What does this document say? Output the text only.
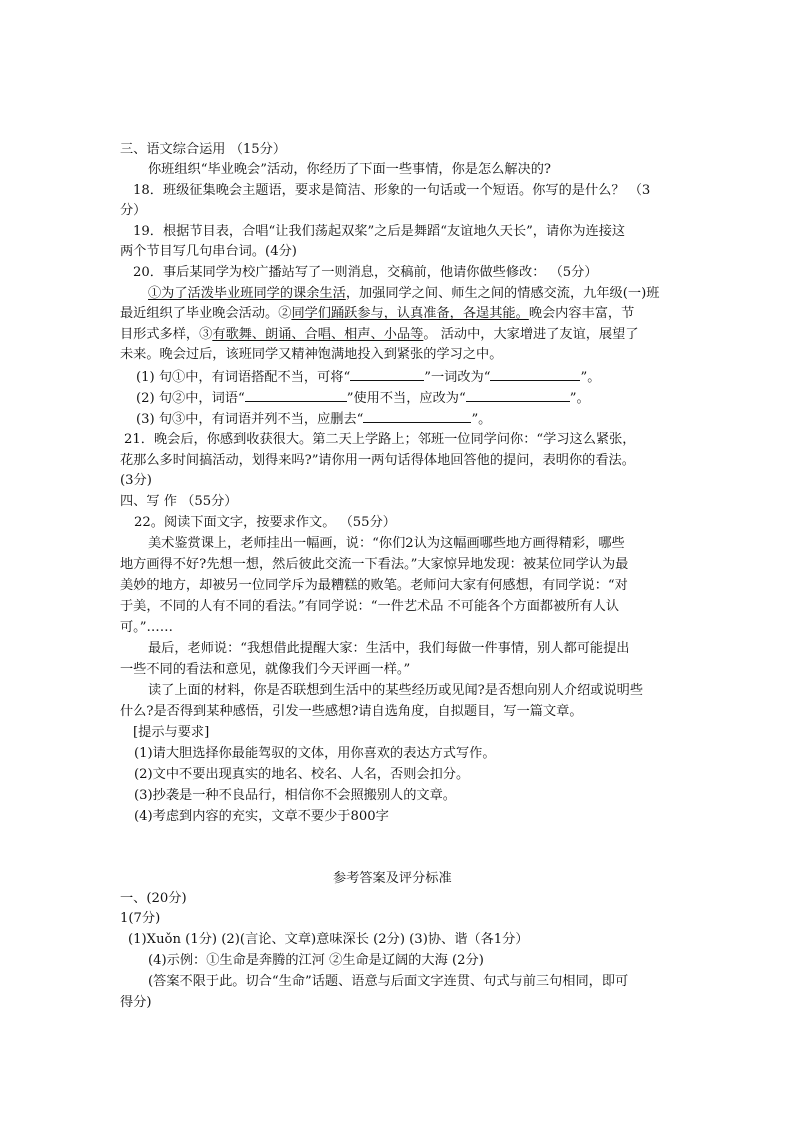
三、语文综合运用 （15分）
你班组织“毕业晚会”活动，你经历了下面一些事情，你是怎么解决的?
18．班级征集晚会主题语，要求是简洁、形象的一句话或一个短语。你写的是什么？ （3
分）
19．根据节目表，合唱“让我们荡起双桨”之后是舞蹈“友谊地久天长”，请你为连接这
两个节目写几句串台词。(4分)
20．事后某同学为校广播站写了一则消息，交稿前，他请你做些修改： （5分）
①为了活泼毕业班同学的课余生活，加强同学之间、师生之间的情感交流，九年级(一)班
最近组织了毕业晚会活动。②同学们踊跃参与，认真准备，各逞其能。晚会内容丰富，节
目形式多样，③有歌舞、朗诵、合唱、相声、小品等。 活动中，大家增进了友谊，展望了
未来。晚会过后，该班同学又精神饱满地投入到紧张的学习之中。
(1) 句①中，有词语搭配不当，可将“	”一词改为“	”。
(2) 句②中，词语“	”使用不当，应改为“	”。
(3) 句③中，有词语并列不当，应删去“	”。
21．晚会后，你感到收获很大。第二天上学路上；邻班一位同学问你：“学习这么紧张，
花那么多时间搞活动，划得来吗?”请你用一两句话得体地回答他的提问，表明你的看法。
(3分)
四、写 作 （55分）
22。阅读下面文字，按要求作文。 （55分）
美术鉴赏课上，老师挂出一幅画，说：“你们2认为这幅画哪些地方画得精彩，哪些
地方画得不好?先想一想，然后彼此交流一下看法。”大家惊异地发现：被某位同学认为最
美妙的地方，却被另一位同学斥为最糟糕的败笔。老师问大家有何感想，有同学说：“对
于美，不同的人有不同的看法。”有同学说：“一件艺术品 不可能各个方面都被所有人认
可。”……
最后，老师说：“我想借此提醒大家：生活中，我们每做一件事情，别人都可能提出
一些不同的看法和意见，就像我们今天评画一样。”
读了上面的材料，你是否联想到生活中的某些经历或见闻?是否想向别人介绍或说明些
什么?是否得到某种感悟，引发一些感想?请自选角度，自拟题目，写一篇文章。
[提示与要求]
(1)请大胆选择你最能驾驭的文体，用你喜欢的表达方式写作。
(2)文中不要出现真实的地名、校名、人名，否则会扣分。
(3)抄袭是一种不良品行，相信你不会照搬别人的文章。
(4)考虑到内容的充实，文章不要少于800字
参考答案及评分标准
一、(20分)
1(7分)
(1)Xuǒn (1分) (2)(言论、文章)意味深长 (2分) (3)协、谐（各1分）
(4)示例：①生命是奔腾的江河 ②生命是辽阔的大海 (2分)
(答案不限于此。切合“生命”话题、语意与后面文字连贯、句式与前三句相同，即可
得分)
